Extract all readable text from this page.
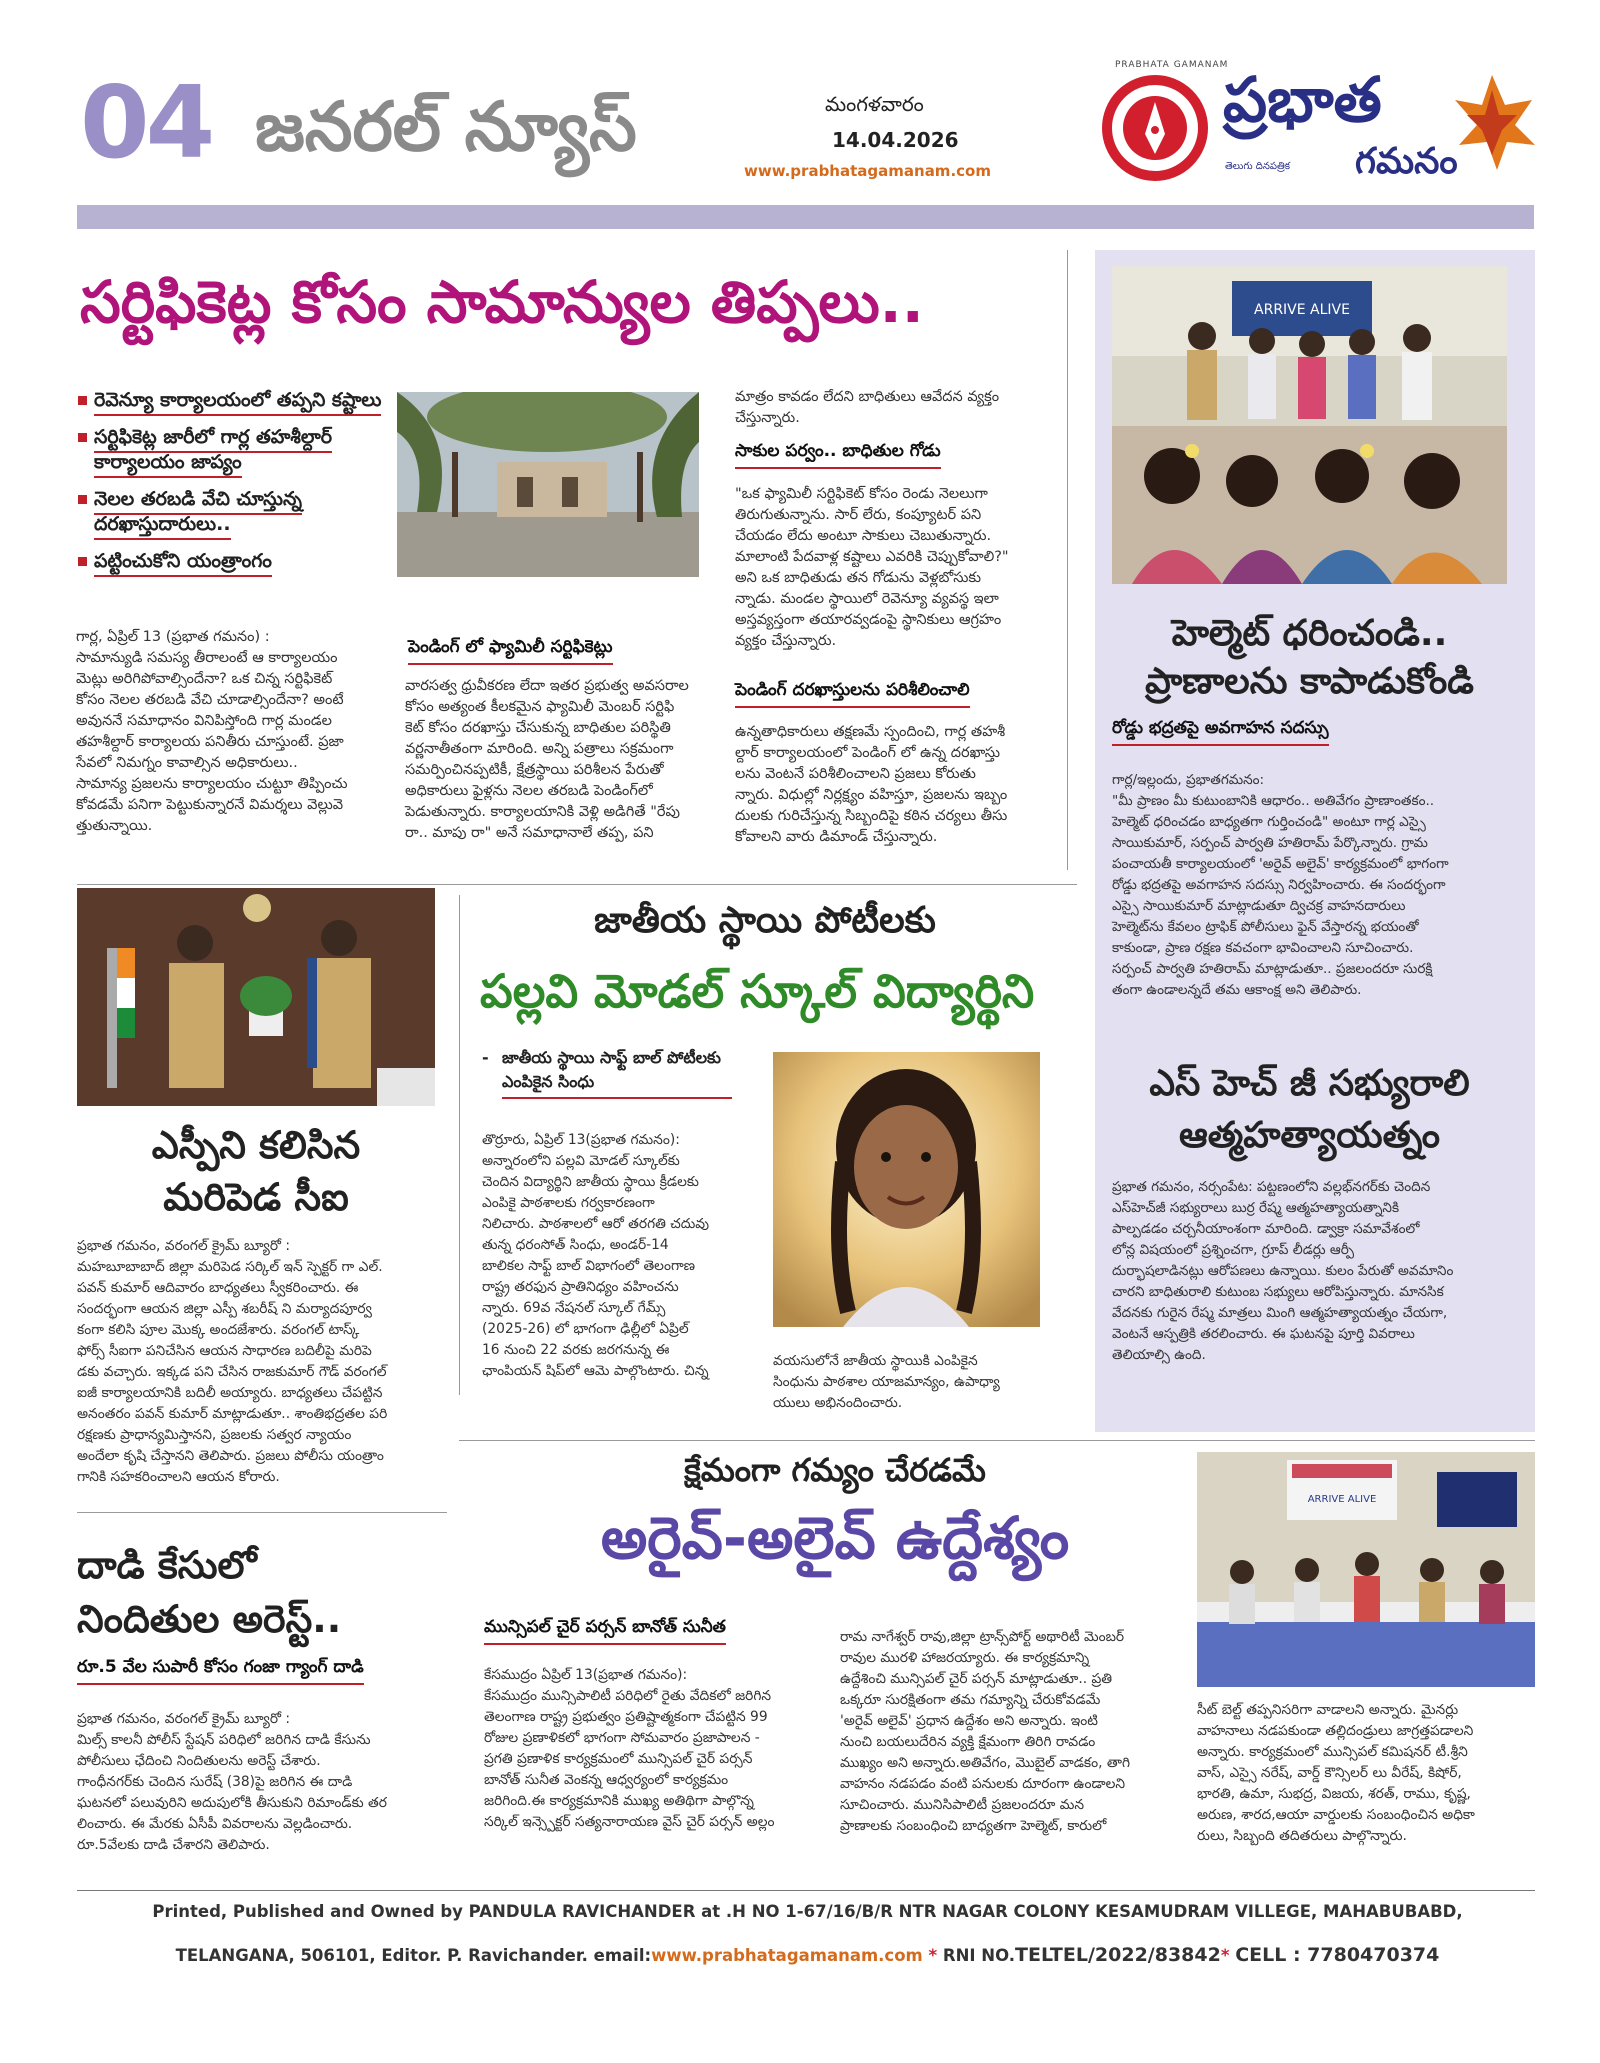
04 జనరల్ న్యూస్	మంగళవారం
14.04.2026
www.prabhatagamanam.com
PRABHATA GAMANAM
ప్రభాత
గమనం
తెలుగు దినపత్రిక
సర్టిఫికెట్ల కోసం సామాన్యుల తిప్పలు..
రెవెన్యూ కార్యాలయంలో తప్పని కష్టాలు
సర్టిఫికెట్ల జారీలో గార్ల తహశీల్దార్ కార్యాలయం జాప్యం
నెలల తరబడి వేచి చూస్తున్న దరఖాస్తుదారులు..
పట్టించుకోని యంత్రాంగం
గార్ల, ఏప్రిల్ 13 (ప్రభాత గమనం) :
సామాన్యుడి సమస్య తీరాలంటే ఆ కార్యాలయం
మెట్లు అరిగిపోవాల్సిందేనా? ఒక చిన్న సర్టిఫికెట్
కోసం నెలల తరబడి వేచి చూడాల్సిందేనా? అంటే
అవుననే సమాధానం వినిపిస్తోంది గార్ల మండల
తహశీల్దార్ కార్యాలయ పనితీరు చూస్తుంటే. ప్రజా
సేవలో నిమగ్నం కావాల్సిన అధికారులు..
సామాన్య ప్రజలను కార్యాలయం చుట్టూ తిప్పించు
కోవడమే పనిగా పెట్టుకున్నారనే విమర్శలు వెల్లువె
త్తుతున్నాయి.
పెండింగ్ లో ఫ్యామిలీ సర్టిఫికెట్లు
వారసత్వ ధ్రువీకరణ లేదా ఇతర ప్రభుత్వ అవసరాల
కోసం అత్యంత కీలకమైన ఫ్యామిలీ మెంబర్ సర్టిఫి
కెట్ కోసం దరఖాస్తు చేసుకున్న బాధితుల పరిస్థితి
వర్ణనాతీతంగా మారింది. అన్ని పత్రాలు సక్రమంగా
సమర్పించినప్పటికీ, క్షేత్రస్థాయి పరిశీలన పేరుతో
అధికారులు ఫైళ్లను నెలల తరబడి పెండింగ్‌లో
పెడుతున్నారు. కార్యాలయానికి వెళ్లి అడిగితే "రేపు
రా.. మాపు రా" అనే సమాధానాలే తప్ప, పని
మాత్రం కావడం లేదని బాధితులు ఆవేదన వ్యక్తం
చేస్తున్నారు.
సాకుల పర్వం.. బాధితుల గోడు
"ఒక ఫ్యామిలీ సర్టిఫికెట్ కోసం రెండు నెలలుగా
తిరుగుతున్నాను. సార్ లేరు, కంప్యూటర్ పని
చేయడం లేదు అంటూ సాకులు చెబుతున్నారు.
మాలాంటి పేదవాళ్ల కష్టాలు ఎవరికి చెప్పుకోవాలి?"
అని ఒక బాధితుడు తన గోడును వెళ్లబోసుకు
న్నాడు. మండల స్థాయిలో రెవెన్యూ వ్యవస్థ ఇలా
అస్తవ్యస్తంగా తయారవ్వడంపై స్థానికులు ఆగ్రహం
వ్యక్తం చేస్తున్నారు.
పెండింగ్ దరఖాస్తులను పరిశీలించాలి
ఉన్నతాధికారులు తక్షణమే స్పందించి, గార్ల తహశీ
ల్దార్ కార్యాలయంలో పెండింగ్ లో ఉన్న దరఖాస్తు
లను వెంటనే పరిశీలించాలని ప్రజలు కోరుతు
న్నారు. విధుల్లో నిర్లక్ష్యం వహిస్తూ, ప్రజలను ఇబ్బం
దులకు గురిచేస్తున్న సిబ్బందిపై కఠిన చర్యలు తీసు
కోవాలని వారు డిమాండ్ చేస్తున్నారు.
ARRIVE ALIVE
హెల్మెట్ ధరించండి..
ప్రాణాలను కాపాడుకోండి
రోడ్డు భద్రతపై అవగాహన సదస్సు
గార్ల/ఇల్లందు, ప్రభాతగమనం:
"మీ ప్రాణం మీ కుటుంబానికి ఆధారం.. అతివేగం ప్రాణాంతకం..
హెల్మెట్ ధరించడం బాధ్యతగా గుర్తించండి" అంటూ గార్ల ఎస్సై
సాయికుమార్, సర్పంచ్ పార్వతి హతిరామ్ పేర్కొన్నారు. గ్రామ
పంచాయతీ కార్యాలయంలో 'అరైవ్ అలైవ్' కార్యక్రమంలో భాగంగా
రోడ్డు భద్రతపై అవగాహన సదస్సు నిర్వహించారు. ఈ సందర్భంగా
ఎస్సై సాయికుమార్ మాట్లాడుతూ ద్విచక్ర వాహనదారులు
హెల్మెట్‌ను కేవలం ట్రాఫిక్ పోలీసులు ఫైన్ వేస్తారన్న భయంతో
కాకుండా, ప్రాణ రక్షణ కవచంగా భావించాలని సూచించారు.
సర్పంచ్ పార్వతి హతిరామ్ మాట్లాడుతూ.. ప్రజలందరూ సురక్షి
తంగా ఉండాలన్నదే తమ ఆకాంక్ష అని తెలిపారు.
ఎస్ హెచ్ జీ సభ్యురాలి
ఆత్మహత్యాయత్నం
ప్రభాత గమనం, నర్సంపేట: పట్టణంలోని వల్లభ్‌నగర్‌కు చెందిన
ఎస్‌హెచ్‌జీ సభ్యురాలు బుర్ర రేష్మ ఆత్మహత్యాయత్నానికి
పాల్పడడం చర్చనీయాంశంగా మారింది. డ్వాక్రా సమావేశంలో
లోన్ల విషయంలో ప్రశ్నించగా, గ్రూప్ లీడర్లు ఆర్పీ
దుర్భాషలాడినట్లు ఆరోపణలు ఉన్నాయి. కులం పేరుతో అవమానిం
చారని బాధితురాలి కుటుంబ సభ్యులు ఆరోపిస్తున్నారు. మానసిక
వేదనకు గురైన రేష్మ మాత్రలు మింగి ఆత్మహత్యాయత్నం చేయగా,
వెంటనే ఆస్పత్రికి తరలించారు. ఈ ఘటనపై పూర్తి వివరాలు
తెలియాల్సి ఉంది.
ఎస్పీని కలిసిన
మరిపెడ సీఐ
ప్రభాత గమనం, వరంగల్ క్రైమ్ బ్యూరో :
మహబూబాబాద్ జిల్లా మరిపెడ సర్కిల్ ఇన్ స్పెక్టర్ గా ఎల్.
పవన్ కుమార్ ఆదివారం బాధ్యతలు స్వీకరించారు. ఈ
సందర్భంగా ఆయన జిల్లా ఎస్పీ శబరీష్ ని మర్యాదపూర్వ
కంగా కలిసి పూల మొక్క అందజేశారు. వరంగల్ టాస్క్
ఫోర్స్ సీఐగా పనిచేసిన ఆయన సాధారణ బదిలీపై మరిపె
డకు వచ్చారు. ఇక్కడ పని చేసిన రాజకుమార్ గౌడ్ వరంగల్
ఐజీ కార్యాలయానికి బదిలీ అయ్యారు. బాధ్యతలు చేపట్టిన
అనంతరం పవన్ కుమార్ మాట్లాడుతూ.. శాంతిభద్రతల పరి
రక్షణకు ప్రాధాన్యమిస్తానని, ప్రజలకు సత్వర న్యాయం
అందేలా కృషి చేస్తానని తెలిపారు. ప్రజలు పోలీసు యంత్రాం
గానికి సహకరించాలని ఆయన కోరారు.
దాడి కేసులో
నిందితుల అరెస్ట్..
రూ.5 వేల సుపారీ కోసం గంజా గ్యాంగ్ దాడి
ప్రభాత గమనం, వరంగల్ క్రైమ్ బ్యూరో :
మిల్స్ కాలనీ పోలీస్ స్టేషన్ పరిధిలో జరిగిన దాడి కేసును
పోలీసులు ఛేదించి నిందితులను అరెస్ట్ చేశారు.
గాంధీనగర్‌కు చెందిన సురేష్ (38)పై జరిగిన ఈ దాడి
ఘటనలో పలువురిని అదుపులోకి తీసుకుని రిమాండ్‌కు తర
లించారు. ఈ మేరకు ఏసీపీ వివరాలను వెల్లడించారు.
రూ.5వేలకు దాడి చేశారని తెలిపారు.
జాతీయ స్థాయి పోటీలకు
పల్లవి మోడల్ స్కూల్ విద్యార్థిని
- జాతీయ స్థాయి సాఫ్ట్ బాల్ పోటీలకు ఎంపికైన సింధు
తొర్రూరు, ఏప్రిల్ 13(ప్రభాత గమనం):
అన్నారంలోని పల్లవి మోడల్ స్కూల్‌కు
చెందిన విద్యార్థిని జాతీయ స్థాయి క్రీడలకు
ఎంపికై పాఠశాలకు గర్వకారణంగా
నిలిచారు. పాఠశాలలో ఆరో తరగతి చదువు
తున్న ధరంసోత్ సింధు, అండర్-14
బాలికల సాఫ్ట్ బాల్ విభాగంలో తెలంగాణ
రాష్ట్ర తరఫున ప్రాతినిధ్యం వహించను
న్నారు. 69వ నేషనల్ స్కూల్ గేమ్స్
(2025-26) లో భాగంగా ఢిల్లీలో ఏప్రిల్
16 నుంచి 22 వరకు జరగనున్న ఈ
ఛాంపియన్ షిప్‌లో ఆమె పాల్గొంటారు. చిన్న
వయసులోనే జాతీయ స్థాయికి ఎంపికైన
సింధును పాఠశాల యాజమాన్యం, ఉపాధ్యా
యులు అభినందించారు.
క్షేమంగా గమ్యం చేరడమే
అరైవ్-అలైవ్ ఉద్దేశ్యం
మున్సిపల్ చైర్ పర్సన్ బానోత్ సునీత
కేసముద్రం ఏప్రిల్ 13(ప్రభాత గమనం):
కేసముద్రం మున్సిపాలిటీ పరిధిలో రైతు వేదికలో జరిగిన
తెలంగాణ రాష్ట్ర ప్రభుత్వం ప్రతిష్టాత్మకంగా చేపట్టిన 99
రోజుల ప్రణాళికలో భాగంగా సోమవారం ప్రజాపాలన -
ప్రగతి ప్రణాళిక కార్యక్రమంలో మున్సిపల్ చైర్ పర్సన్
బానోత్ సునీత వెంకన్న ఆధ్వర్యంలో కార్యక్రమం
జరిగింది.ఈ కార్యక్రమానికి ముఖ్య అతిథిగా పాల్గొన్న
సర్కిల్ ఇన్స్పెక్టర్ సత్యనారాయణ వైస్ చైర్ పర్సన్ అల్లం
రామ నాగేశ్వర్ రావు,జిల్లా ట్రాన్స్‌పోర్ట్ అథారిటీ మెంబర్
రావుల మురళి హాజరయ్యారు. ఈ కార్యక్రమాన్ని
ఉద్దేశించి మున్సిపల్ చైర్ పర్సన్ మాట్లాడుతూ.. ప్రతి
ఒక్కరూ సురక్షితంగా తమ గమ్యాన్ని చేరుకోవడమే
'అరైవ్ అలైవ్' ప్రధాన ఉద్దేశం అని అన్నారు. ఇంటి
నుంచి బయలుదేరిన వ్యక్తి క్షేమంగా తిరిగి రావడం
ముఖ్యం అని అన్నారు.అతివేగం, మొబైల్ వాడకం, తాగి
వాహనం నడపడం వంటి పనులకు దూరంగా ఉండాలని
సూచించారు. మునిసిపాలిటీ ప్రజలందరూ మన
ప్రాణాలకు సంబంధించి బాధ్యతగా హెల్మెట్, కారులో
ARRIVE ALIVE
సీట్ బెల్ట్ తప్పనిసరిగా వాడాలని అన్నారు. మైనర్లు
వాహనాలు నడపకుండా తల్లిదండ్రులు జాగ్రత్తపడాలని
అన్నారు. కార్యక్రమంలో మున్సిపల్ కమిషనర్ టీ.శ్రీని
వాస్, ఎస్సై నరేష్, వార్డ్ కౌన్సిలర్ లు వీరేష్, కిషోర్,
భారతి, ఉమా, సుభద్ర, విజయ, శరత్, రాము, కృష్ణ,
అరుణ, శారద,ఆయా వార్డులకు సంబంధించిన అధికా
రులు, సిబ్బంది తదితరులు పాల్గొన్నారు.
Printed, Published and Owned by PANDULA RAVICHANDER at .H NO 1-67/16/B/R NTR NAGAR COLONY KESAMUDRAM VILLEGE, MAHABUBABD,
TELANGANA, 506101, Editor. P. Ravichander. email:www.prabhatagamanam.com * RNI NO.TELTEL/2022/83842* CELL : 7780470374
